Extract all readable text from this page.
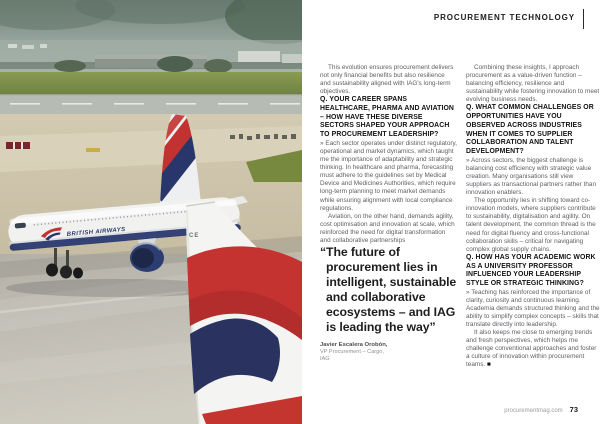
BRITISH AIRWAYS	CE
PROCUREMENT TECHNOLOGY

This evolution ensures procurement delivers not only financial benefits but also resilience and sustainability aligned with IAG's long-term objectives.

Q. YOUR CAREER SPANS HEALTHCARE, PHARMA AND AVIATION – HOW HAVE THESE DIVERSE SECTORS SHAPED YOUR APPROACH TO PROCUREMENT LEADERSHIP?

» Each sector operates under distinct regulatory, operational and market dynamics, which taught me the importance of adaptability and strategic thinking. In healthcare and pharma, forecasting must adhere to the guidelines set by Medical Device and Medicines Authorities, which require long-term planning to meet market demands while ensuring alignment with local compliance regulations.

Aviation, on the other hand, demands agility, cost optimisation and innovation at scale, which reinforced the need for digital transformation and collaborative partnerships

“The future of procurement lies in intelligent, sustainable and collaborative ecosystems – and IAG is leading the way”

Javier Escalera Orobón,
VP Procurement – Cargo,
IAG

Combining these insights, I approach procurement as a value-driven function – balancing efficiency, resilience and sustainability while fostering innovation to meet evolving business needs.

Q. WHAT COMMON CHALLENGES OR OPPORTUNITIES HAVE YOU OBSERVED ACROSS INDUSTRIES WHEN IT COMES TO SUPPLIER COLLABORATION AND TALENT DEVELOPMENT?

» Across sectors, the biggest challenge is balancing cost efficiency with strategic value creation. Many organisations still view suppliers as transactional partners rather than innovation enablers.

The opportunity lies in shifting toward co-innovation models, where suppliers contribute to sustainability, digitalisation and agility. On talent development, the common thread is the need for digital fluency and cross-functional collaboration skills – critical for navigating complex global supply chains.

Q. HOW HAS YOUR ACADEMIC WORK AS A UNIVERSITY PROFESSOR INFLUENCED YOUR LEADERSHIP STYLE OR STRATEGIC THINKING?

» Teaching has reinforced the importance of clarity, curiosity and continuous learning. Academia demands structured thinking and the ability to simplify complex concepts – skills that translate directly into leadership.

It also keeps me close to emerging trends and fresh perspectives, which helps me challenge conventional approaches and foster a culture of innovation within procurement teams. ■

procurementmag.com 73
